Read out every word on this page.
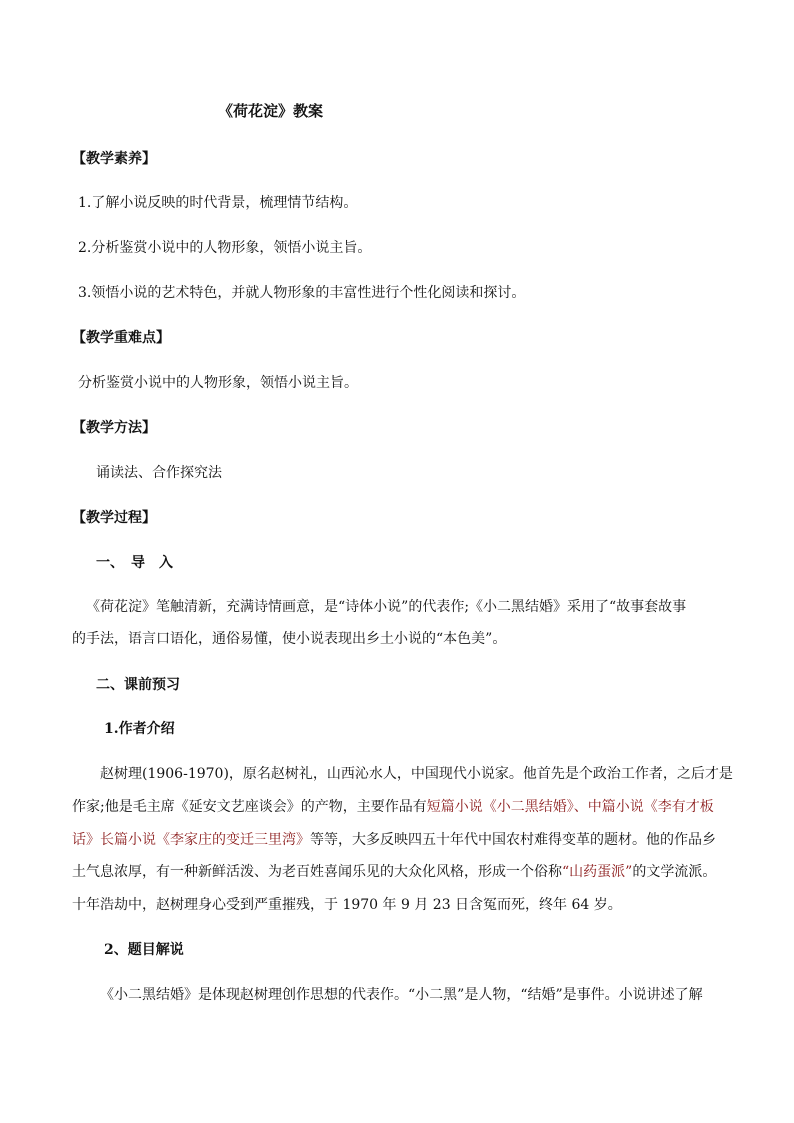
《荷花淀》教案
【教学素养】
1.了解小说反映的时代背景，梳理情节结构。
2.分析鉴赏小说中的人物形象，领悟小说主旨。
3.领悟小说的艺术特色，并就人物形象的丰富性进行个性化阅读和探讨。
【教学重难点】
分析鉴赏小说中的人物形象，领悟小说主旨。
【教学方法】
诵读法、合作探究法
【教学过程】
一、　导　入
《荷花淀》笔触清新，充满诗情画意，是“诗体小说”的代表作;《小二黑结婚》采用了“故事套故事
的手法，语言口语化，通俗易懂，使小说表现出乡土小说的“本色美”。
二、课前预习
1.作者介绍
赵树理(1906-1970)，原名赵树礼，山西沁水人，中国现代小说家。他首先是个政治工作者，之后才是
作家;他是毛主席《延安文艺座谈会》的产物，主要作品有短篇小说《小二黑结婚》、中篇小说《李有才板
话》长篇小说《李家庄的变迁三里湾》等等，大多反映四五十年代中国农村难得变革的题材。他的作品乡
土气息浓厚，有一种新鲜活泼、为老百姓喜闻乐见的大众化风格，形成一个俗称“山药蛋派”的文学流派。
十年浩劫中，赵树理身心受到严重摧残，于 1970 年 9 月 23 日含冤而死，终年 64 岁。
2、题目解说
《小二黑结婚》是体现赵树理创作思想的代表作。“小二黑”是人物，“结婚”是事件。小说讲述了解
